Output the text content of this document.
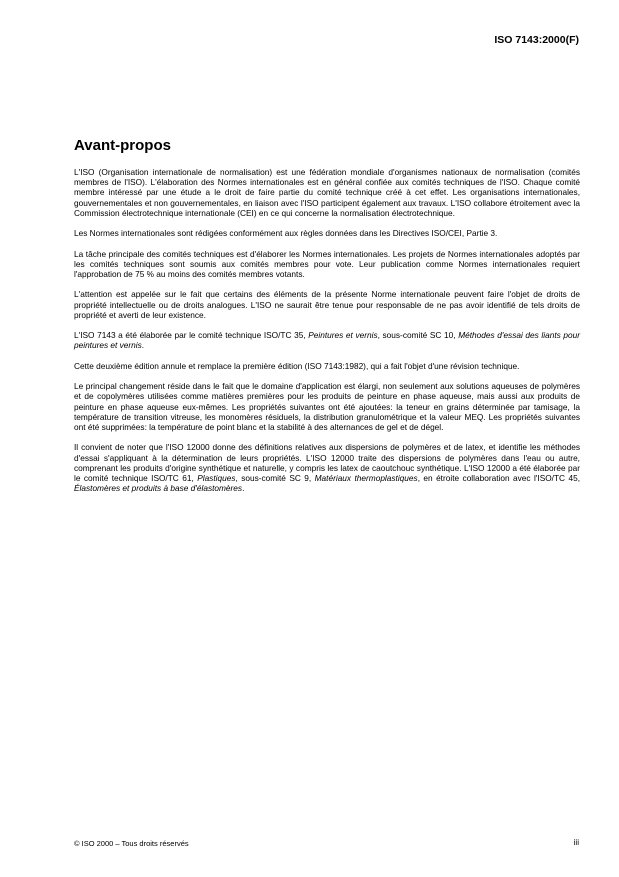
ISO 7143:2000(F)
Avant-propos

L'ISO (Organisation internationale de normalisation) est une fédération mondiale d'organismes nationaux de normalisation (comités membres de l'ISO). L'élaboration des Normes internationales est en général confiée aux comités techniques de l'ISO. Chaque comité membre intéressé par une étude a le droit de faire partie du comité technique créé à cet effet. Les organisations internationales, gouvernementales et non gouvernementales, en liaison avec l'ISO participent également aux travaux. L'ISO collabore étroitement avec la Commission électrotechnique internationale (CEI) en ce qui concerne la normalisation électrotechnique.

Les Normes internationales sont rédigées conformément aux règles données dans les Directives ISO/CEI, Partie 3.

La tâche principale des comités techniques est d'élaborer les Normes internationales. Les projets de Normes internationales adoptés par les comités techniques sont soumis aux comités membres pour vote. Leur publication comme Normes internationales requiert l'approbation de 75 % au moins des comités membres votants.

L'attention est appelée sur le fait que certains des éléments de la présente Norme internationale peuvent faire l'objet de droits de propriété intellectuelle ou de droits analogues. L'ISO ne saurait être tenue pour responsable de ne pas avoir identifié de tels droits de propriété et averti de leur existence.

L'ISO 7143 a été élaborée par le comité technique ISO/TC 35, Peintures et vernis, sous-comité SC 10, Méthodes d'essai des liants pour peintures et vernis.

Cette deuxième édition annule et remplace la première édition (ISO 7143:1982), qui a fait l'objet d'une révision technique.

Le principal changement réside dans le fait que le domaine d'application est élargi, non seulement aux solutions aqueuses de polymères et de copolymères utilisées comme matières premières pour les produits de peinture en phase aqueuse, mais aussi aux produits de peinture en phase aqueuse eux-mêmes. Les propriétés suivantes ont été ajoutées: la teneur en grains déterminée par tamisage, la température de transition vitreuse, les monomères résiduels, la distribution granulométrique et la valeur MEQ. Les propriétés suivantes ont été supprimées: la température de point blanc et la stabilité à des alternances de gel et de dégel.

Il convient de noter que l'ISO 12000 donne des définitions relatives aux dispersions de polymères et de latex, et identifie les méthodes d'essai s'appliquant à la détermination de leurs propriétés. L'ISO 12000 traite des dispersions de polymères dans l'eau ou autre, comprenant les produits d'origine synthétique et naturelle, y compris les latex de caoutchouc synthétique. L'ISO 12000 a été élaborée par le comité technique ISO/TC 61, Plastiques, sous-comité SC 9, Matériaux thermoplastiques, en étroite collaboration avec l'ISO/TC 45, Élastomères et produits à base d'élastomères.

© ISO 2000 – Tous droits réservés	iii
